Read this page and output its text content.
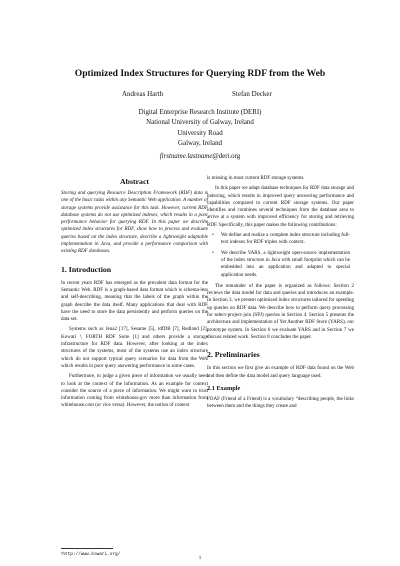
Optimized Index Structures for Querying RDF from the Web
Andreas Harth	Stefan Decker
Digital Enterprise Research Institute (DERI)
National University of Galway, Ireland
University Road
Galway, Ireland
firstname.lastname@deri.org
Abstract

Storing and querying Resource Description Framework (RDF) data is one of the basic tasks within any Semantic Web application. A number of storage systems provide assistance for this task. However, current RDF database systems do not use optimized indexes, which results in a poor performance behavior for querying RDF. In this paper we describe optimized index structures for RDF, show how to process and evaluate queries based on the index structure, describe a lightweight adaptable implementation in Java, and provide a performance comparison with existing RDF databases.

1. Introduction

In recent years RDF has emerged as the prevalent data format for the Semantic Web. RDF is a graph-based data format which is schema-less and self-describing, meaning that the labels of the graph within the graph describe the data itself. Many applications that deal with RDF have the need to store the data persistently and perform queries on the data set.

Systems such as Jena2 [17], Sesame [5], rdfDB [7], Redland [2], Kowari ¹, FORTH RDF Suite [1] and others provide a storage infrastructure for RDF data. However, after looking at the index structures of the systems, most of the systems use an index structure which do not support typical query scenarios for data from the Web which results in poor query answering performance in some cases.

Furthermore, to judge a given piece of information we usually need to look at the context of the information. As an example for context consider the source of a piece of information. We might want to trust information coming from whitehouse.gov more than information from whitehouse.com (or vice versa). However, the notion of context

is missing in most current RDF storage systems.

In this paper we adapt database techniques for RDF data storage and indexing, which results in improved query answering performance and capabilities compared to current RDF storage systems. Our paper identifies and combines several techniques from the database area to arrive at a system with improved efficiency for storing and retrieving RDF. Specifically, this paper makes the following contributions:

• We define and realize a complete index structure including full-text indexes for RDF triples with context.
• We describe YARS, a lightweight open-source implementation of the index structure in Java with small footprint which can be embedded into an application and adapted to special application needs.

The remainder of the paper is organized as follows: Section 2 reviews the data model for data and queries and introduces an example. In Section 3, we present optimized index structures tailored for speeding up queries on RDF data. We describe how to perform query processing for select-project-join (SPJ) queries in Section 4. Section 5 presents the architecture and implementation of Yet Another RDF Store (YARS), our prototype system. In Section 6 we evaluate YARS and in Section 7 we discuss related work. Section 8 concludes the paper.

2. Preliminaries

In this section we first give an example of RDF data found on the Web and then define the data model and query language used.

2.1 Example

FOAF (Friend of a Friend) is a vocabulary “describing people, the links between them and the things they create and

¹http://www.kowari.org/
1
